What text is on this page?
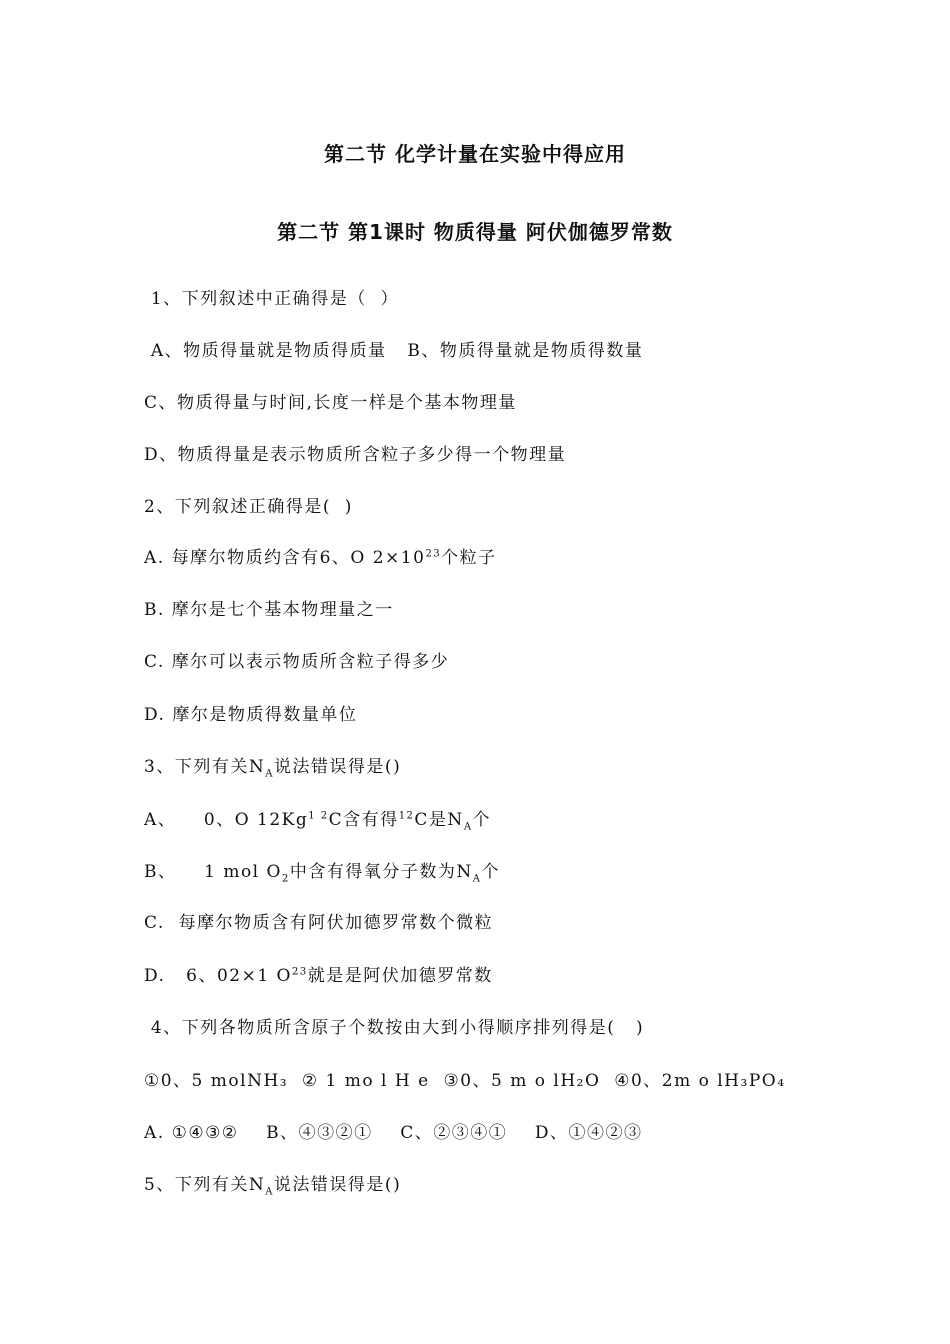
第二节 化学计量在实验中得应用
第二节 第1课时 物质得量 阿伏伽德罗常数
1、下列叙述中正确得是（  ）
A、物质得量就是物质得质量   B、物质得量就是物质得数量
C、物质得量与时间,长度一样是个基本物理量
D、物质得量是表示物质所含粒子多少得一个物理量
2、下列叙述正确得是(  )
A. 每摩尔物质约含有6、O $2\times 10^{23}$个粒子
B. 摩尔是七个基本物理量之一
C. 摩尔可以表示物质所含粒子得多少
D. 摩尔是物质得数量单位
3、下列有关$N_A$说法错误得是()
A、    0、O $12Kg^{1 2}C$含有得$^{12}$C是$N_A$个
B、    1 mol $O_2$中含有得氧分子数为$N_A$个
C.  每摩尔物质含有阿伏加德罗常数个微粒
D.   6、02×1 $O^{23}$就是是阿伏加德罗常数
4、下列各物质所含原子个数按由大到小得顺序排列得是(   )
①0、5 molNH₃  ② 1 mo l H e  ③0、5 m o lH₂O  ④0、2m o lH₃PO₄
A. ①④③②    B、④③②①    C、②③④①    D、①④②③
5、下列有关$N_A$说法错误得是()
